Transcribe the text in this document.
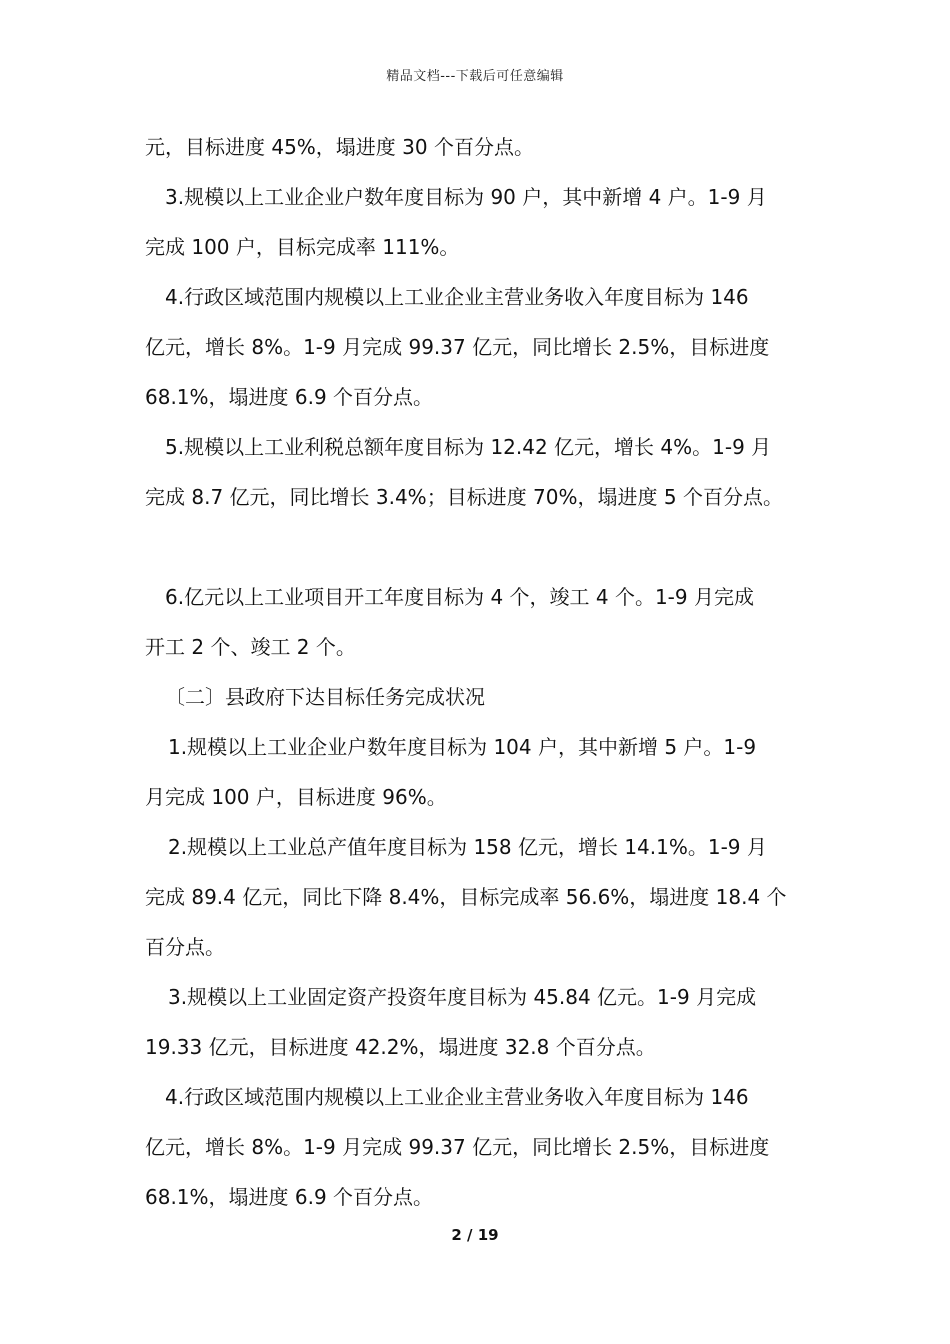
精品文档---下载后可任意编辑
元，目标进度 45%，塌进度 30 个百分点。
3.规模以上工业企业户数年度目标为 90 户，其中新增 4 户。1-9 月
完成 100 户，目标完成率 111%。
4.行政区域范围内规模以上工业企业主营业务收入年度目标为 146
亿元，增长 8%。1-9 月完成 99.37 亿元，同比增长 2.5%，目标进度
68.1%，塌进度 6.9 个百分点。
5.规模以上工业利税总额年度目标为 12.42 亿元，增长 4%。1-9 月
完成 8.7 亿元，同比增长 3.4%；目标进度 70%，塌进度 5 个百分点。
6.亿元以上工业项目开工年度目标为 4 个，竣工 4 个。1-9 月完成
开工 2 个、竣工 2 个。
〔二〕县政府下达目标任务完成状况
1.规模以上工业企业户数年度目标为 104 户，其中新增 5 户。1-9
月完成 100 户，目标进度 96%。
2.规模以上工业总产值年度目标为 158 亿元，增长 14.1%。1-9 月
完成 89.4 亿元，同比下降 8.4%，目标完成率 56.6%，塌进度 18.4 个
百分点。
3.规模以上工业固定资产投资年度目标为 45.84 亿元。1-9 月完成
19.33 亿元，目标进度 42.2%，塌进度 32.8 个百分点。
4.行政区域范围内规模以上工业企业主营业务收入年度目标为 146
亿元，增长 8%。1-9 月完成 99.37 亿元，同比增长 2.5%，目标进度
68.1%，塌进度 6.9 个百分点。
2 / 19
